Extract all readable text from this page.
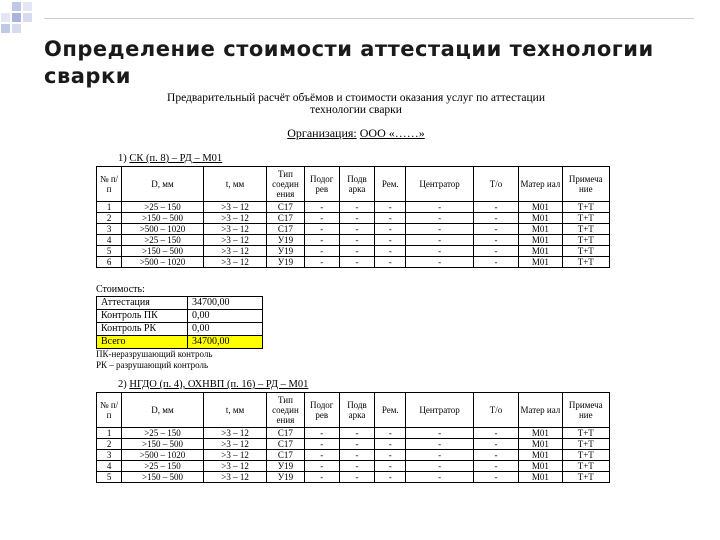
Определение стоимости аттестации технологии сварки
Предварительный расчёт объёмов и стоимости оказания услуг по аттестации
технологии сварки
Организация: ООО «……»
1) СК (п. 8) – РД – М01
№ п/п	D, мм	t, мм	Тип соедин ения	Подог рев	Подв арка	Рем.	Центратор	Т/о	Матер иал	Примеча ние
1	>25 – 150	>3 – 12	С17	-	-	-	-	-	М01	Т+Т
2	>150 – 500	>3 – 12	С17	-	-	-	-	-	М01	Т+Т
3	>500 – 1020	>3 – 12	С17	-	-	-	-	-	М01	Т+Т
4	>25 – 150	>3 – 12	У19	-	-	-	-	-	М01	Т+Т
5	>150 – 500	>3 – 12	У19	-	-	-	-	-	М01	Т+Т
6	>500 – 1020	>3 – 12	У19	-	-	-	-	-	М01	Т+Т
Стоимость:
Аттестация	34700,00
Контроль ПК	0,00
Контроль РК	0,00
Всего	34700,00
ПК-неразрушающий контроль
РК – разрушающий контроль
2) НГДО (п. 4), ОХНВП (п. 16) – РД – М01
№ п/п	D, мм	t, мм	Тип соедин ения	Подог рев	Подв арка	Рем.	Центратор	Т/о	Матер иал	Примеча ние
1	>25 – 150	>3 – 12	С17	-	-	-	-	-	М01	Т+Т
2	>150 – 500	>3 – 12	С17	-	-	-	-	-	М01	Т+Т
3	>500 – 1020	>3 – 12	С17	-	-	-	-	-	М01	Т+Т
4	>25 – 150	>3 – 12	У19	-	-	-	-	-	М01	Т+Т
5	>150 – 500	>3 – 12	У19	-	-	-	-	-	М01	Т+Т
